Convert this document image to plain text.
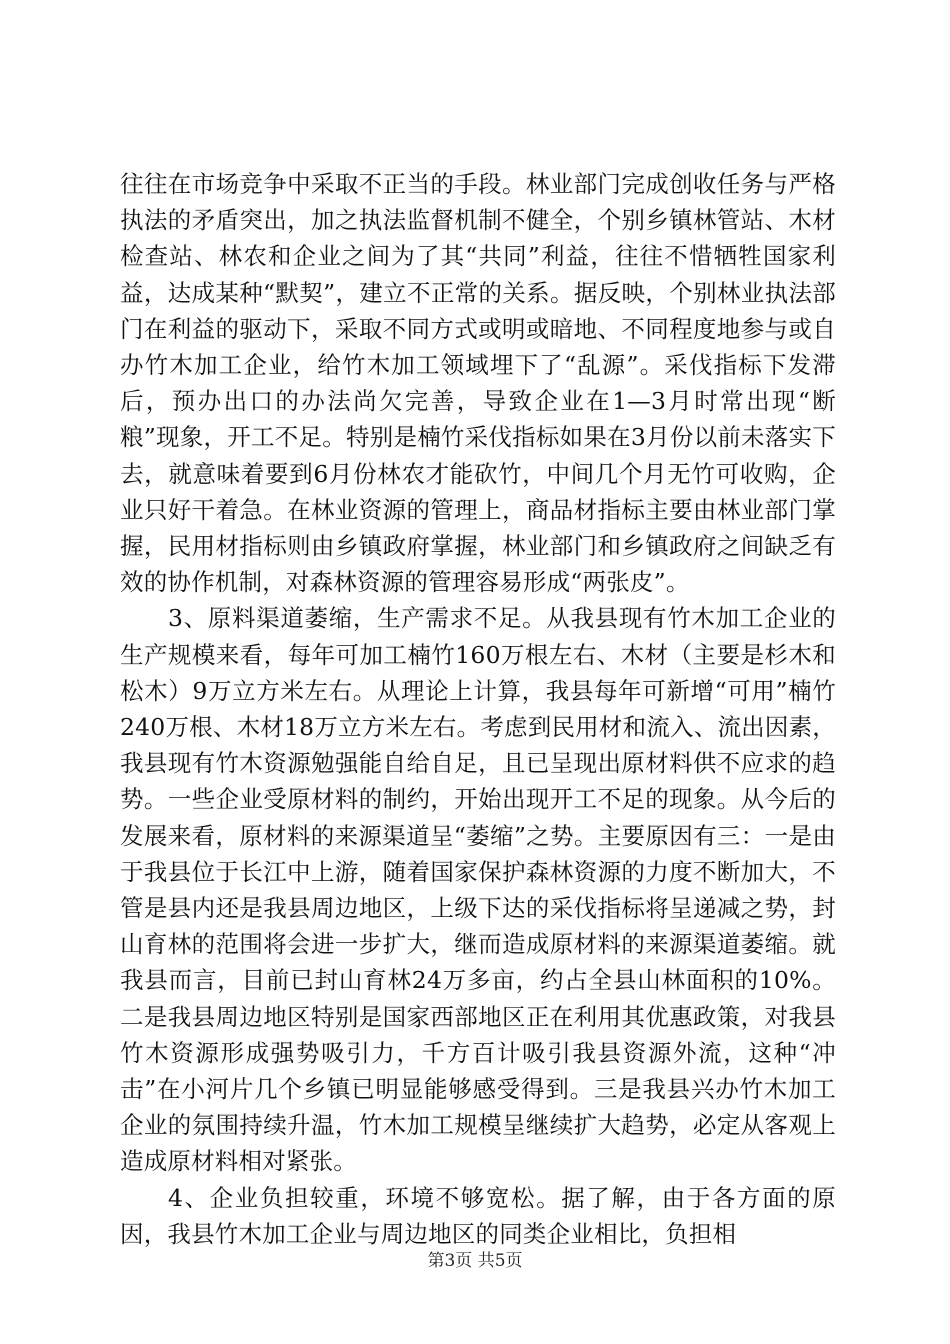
往往在市场竞争中采取不正当的手段。林业部门完成创收任务与严格执法的矛盾突出，加之执法监督机制不健全，个别乡镇林管站、木材检查站、林农和企业之间为了其“共同”利益，往往不惜牺牲国家利益，达成某种“默契”，建立不正常的关系。据反映，个别林业执法部门在利益的驱动下，采取不同方式或明或暗地、不同程度地参与或自办竹木加工企业，给竹木加工领域埋下了“乱源”。采伐指标下发滞后，预办出口的办法尚欠完善，导致企业在1—3月时常出现“断粮”现象，开工不足。特别是楠竹采伐指标如果在3月份以前未落实下去，就意味着要到6月份林农才能砍竹，中间几个月无竹可收购，企业只好干着急。在林业资源的管理上，商品材指标主要由林业部门掌握，民用材指标则由乡镇政府掌握，林业部门和乡镇政府之间缺乏有效的协作机制，对森林资源的管理容易形成“两张皮”。

3、原料渠道萎缩，生产需求不足。从我县现有竹木加工企业的生产规模来看，每年可加工楠竹160万根左右、木材（主要是杉木和松木）9万立方米左右。从理论上计算，我县每年可新增“可用”楠竹240万根、木材18万立方米左右。考虑到民用材和流入、流出因素，我县现有竹木资源勉强能自给自足，且已呈现出原材料供不应求的趋势。一些企业受原材料的制约，开始出现开工不足的现象。从今后的发展来看，原材料的来源渠道呈“萎缩”之势。主要原因有三：一是由于我县位于长江中上游，随着国家保护森林资源的力度不断加大，不管是县内还是我县周边地区，上级下达的采伐指标将呈递减之势，封山育林的范围将会进一步扩大，继而造成原材料的来源渠道萎缩。就我县而言，目前已封山育林24万多亩，约占全县山林面积的10%。二是我县周边地区特别是国家西部地区正在利用其优惠政策，对我县竹木资源形成强势吸引力，千方百计吸引我县资源外流，这种“冲击”在小河片几个乡镇已明显能够感受得到。三是我县兴办竹木加工企业的氛围持续升温，竹木加工规模呈继续扩大趋势，必定从客观上造成原材料相对紧张。

4、企业负担较重，环境不够宽松。据了解，由于各方面的原因，我县竹木加工企业与周边地区的同类企业相比，负担相

第3页 共5页
